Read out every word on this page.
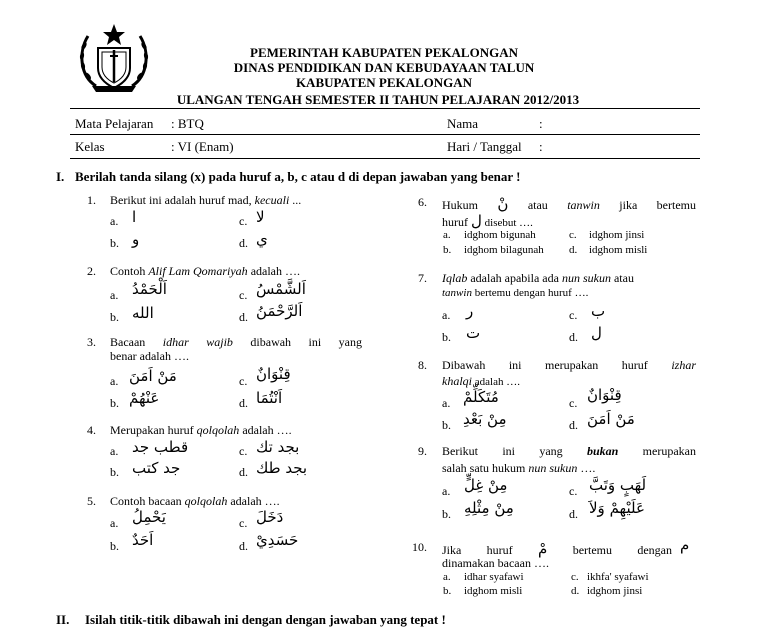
PEMERINTAH KABUPATEN PEKALONGAN
DINAS PENDIDIKAN DAN KEBUDAYAAN TALUN
KABUPATEN PEKALONGAN
ULANGAN TENGAH SEMESTER II TAHUN PELAJARAN 2012/2013
Mata Pelajaran : BTQ
Kelas	: VI (Enam)
Nama	:
Hari / Tanggal :
I. Berilah tanda silang (x) pada huruf a, b, c atau d di depan jawaban yang benar !
1. Berikut ini adalah huruf mad, kecuali ...
a. ا
b. و
c. لا
d. ي
2. Contoh Alif Lam Qomariyah adalah ….
a. اَلْحَمْدُ
b. الله
c. اَلشَّمْسُ
d. اَلرَّحْمَنُ
3. Bacaan idhar wajib dibawah ini yang
benar adalah ….
a. مَنْ اَمَنَ
b. عَنْهُمْ
c. قِنْوَانٌ
d. اَنْتُمَا
4. Merupakan huruf qolqolah adalah ….
a. قطب جد
b. جد كتب
c. بجد تك
d. بجد طك
5. Contoh bacaan qolqolah adalah ….
a. يَحْمِلُ
b. اَحَدٌ
c. دَخَلَ
d. حَسَدِيْ
6. Hukum نْ atau tanwin jika bertemu
huruf ل disebut ….
a. idghom bigunah
b. idghom bilagunah
c. idghom jinsi
d. idghom misli
7. Iqlab adalah apabila ada nun sukun atau
tanwin bertemu dengan huruf ….
a. ر
b. ت
c. ب
d. ل
8. Dibawah ini merupakan huruf izhar
khalqi adalah ….
a. مُتَكَلِّمْ
b. مِنْ بَعْدِ
c. قِنْوَانٌ
d. مَنْ اَمَنَ
9. Berikut ini yang bukan merupakan
salah satu hukum nun sukun ….
a. مِنْ غِلٍّ
b. مِنْ مِثْلِهِ
c. لَهَبٍ وَتَبَّ
d. عَلَيْهِمْ وَلاَ
10. Jika huruf مْ bertemu dengan م
dinamakan bacaan ….
a. idhar syafawi
b. idghom misli
c. ikhfa' syafawi
d. idghom jinsi
II. Isilah titik-titik dibawah ini dengan dengan jawaban yang tepat !
